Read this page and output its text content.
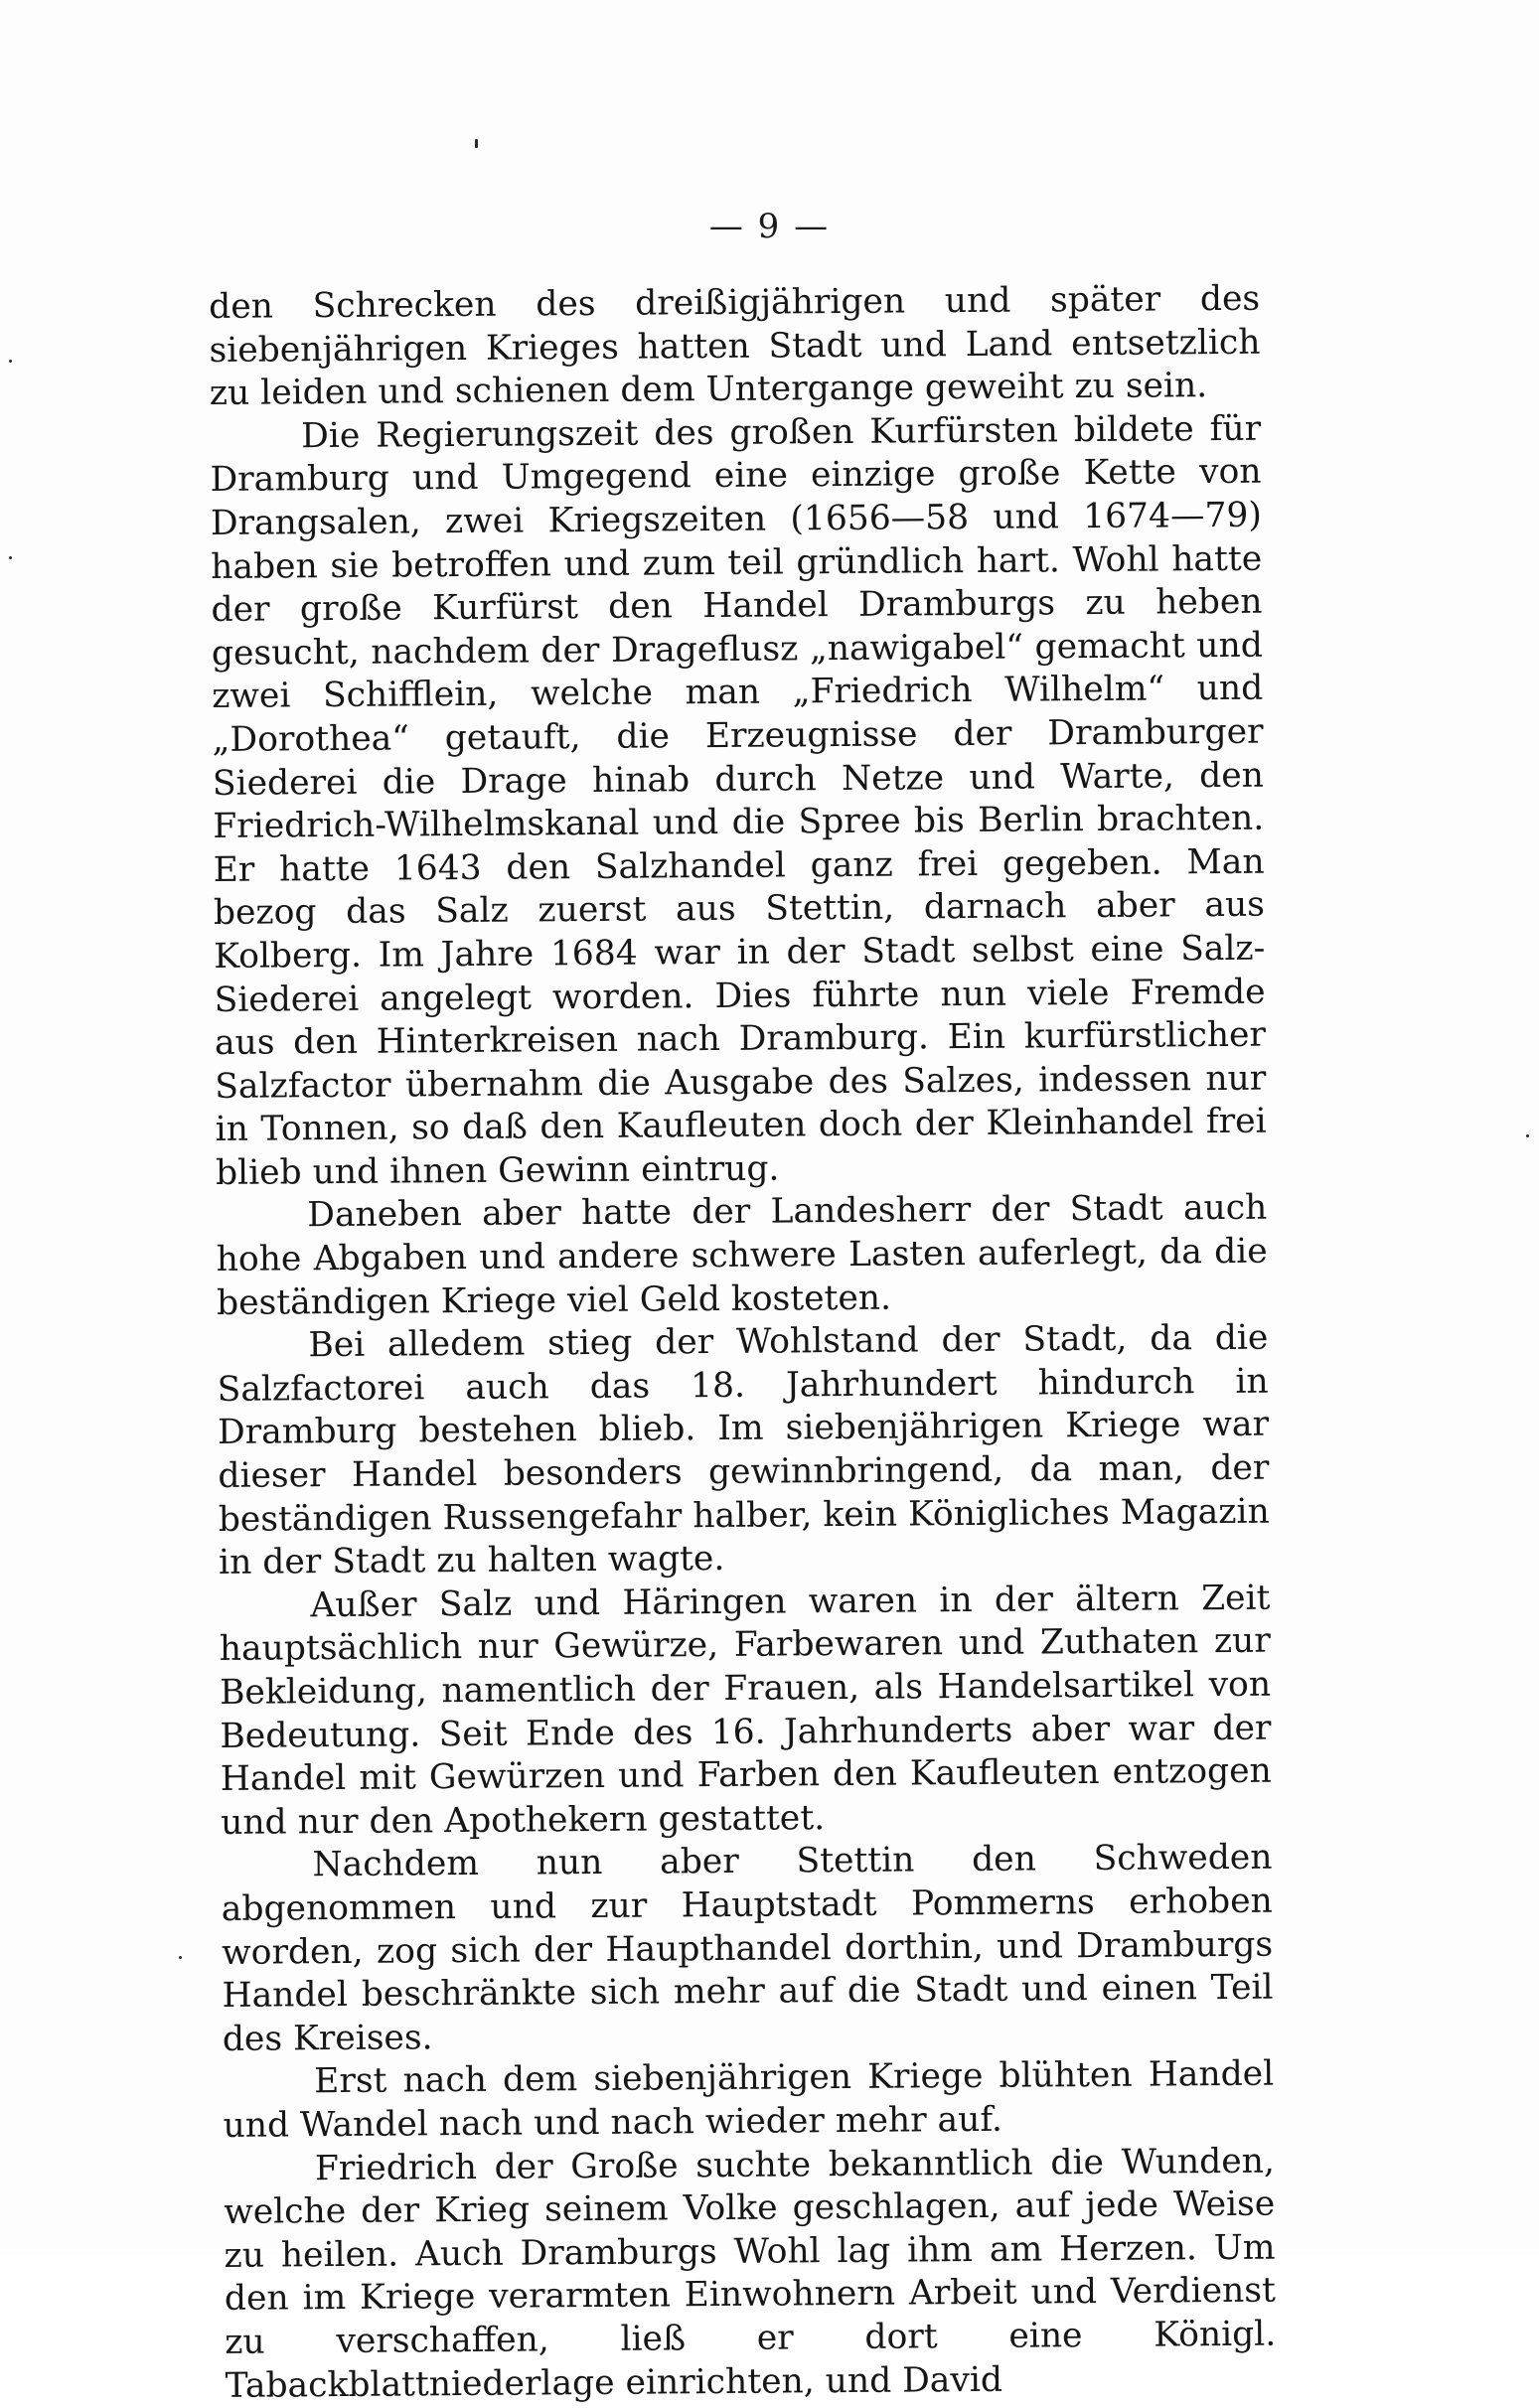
— 9 —

den Schrecken des dreißigjährigen und später des siebenjährigen Krieges hatten Stadt und Land entsetzlich zu leiden und schienen dem Untergange geweiht zu sein.

Die Regierungszeit des großen Kurfürsten bildete für Dramburg und Umgegend eine einzige große Kette von Drangsalen, zwei Kriegszeiten (1656—58 und 1674—79) haben sie betroffen und zum teil gründlich hart. Wohl hatte der große Kurfürst den Handel Dramburgs zu heben gesucht, nachdem der Drageflusz „nawigabel“ gemacht und zwei Schifflein, welche man „Friedrich Wilhelm“ und „Dorothea“ getauft, die Erzeugnisse der Dramburger Siederei die Drage hinab durch Netze und Warte, den Friedrich-Wilhelmskanal und die Spree bis Berlin brachten. Er hatte 1643 den Salzhandel ganz frei gegeben. Man bezog das Salz zuerst aus Stettin, darnach aber aus Kolberg. Im Jahre 1684 war in der Stadt selbst eine Salz-Siederei angelegt worden. Dies führte nun viele Fremde aus den Hinterkreisen nach Dramburg. Ein kurfürstlicher Salzfactor übernahm die Ausgabe des Salzes, indessen nur in Tonnen, so daß den Kaufleuten doch der Kleinhandel frei blieb und ihnen Gewinn eintrug.

Daneben aber hatte der Landesherr der Stadt auch hohe Abgaben und andere schwere Lasten auferlegt, da die beständigen Kriege viel Geld kosteten.

Bei alledem stieg der Wohlstand der Stadt, da die Salzfactorei auch das 18. Jahrhundert hindurch in Dramburg bestehen blieb. Im siebenjährigen Kriege war dieser Handel besonders gewinnbringend, da man, der beständigen Russengefahr halber, kein Königliches Magazin in der Stadt zu halten wagte.

Außer Salz und Häringen waren in der ältern Zeit hauptsächlich nur Gewürze, Farbewaren und Zuthaten zur Bekleidung, namentlich der Frauen, als Handelsartikel von Bedeutung. Seit Ende des 16. Jahrhunderts aber war der Handel mit Gewürzen und Farben den Kaufleuten entzogen und nur den Apothekern gestattet.

Nachdem nun aber Stettin den Schweden abgenommen und zur Hauptstadt Pommerns erhoben worden, zog sich der Haupthandel dorthin, und Dramburgs Handel beschränkte sich mehr auf die Stadt und einen Teil des Kreises.

Erst nach dem siebenjährigen Kriege blühten Handel und Wandel nach und nach wieder mehr auf.

Friedrich der Große suchte bekanntlich die Wunden, welche der Krieg seinem Volke geschlagen, auf jede Weise zu heilen. Auch Dramburgs Wohl lag ihm am Herzen. Um den im Kriege verarmten Einwohnern Arbeit und Verdienst zu verschaffen, ließ er dort eine Königl. Tabackblattniederlage einrichten, und David
